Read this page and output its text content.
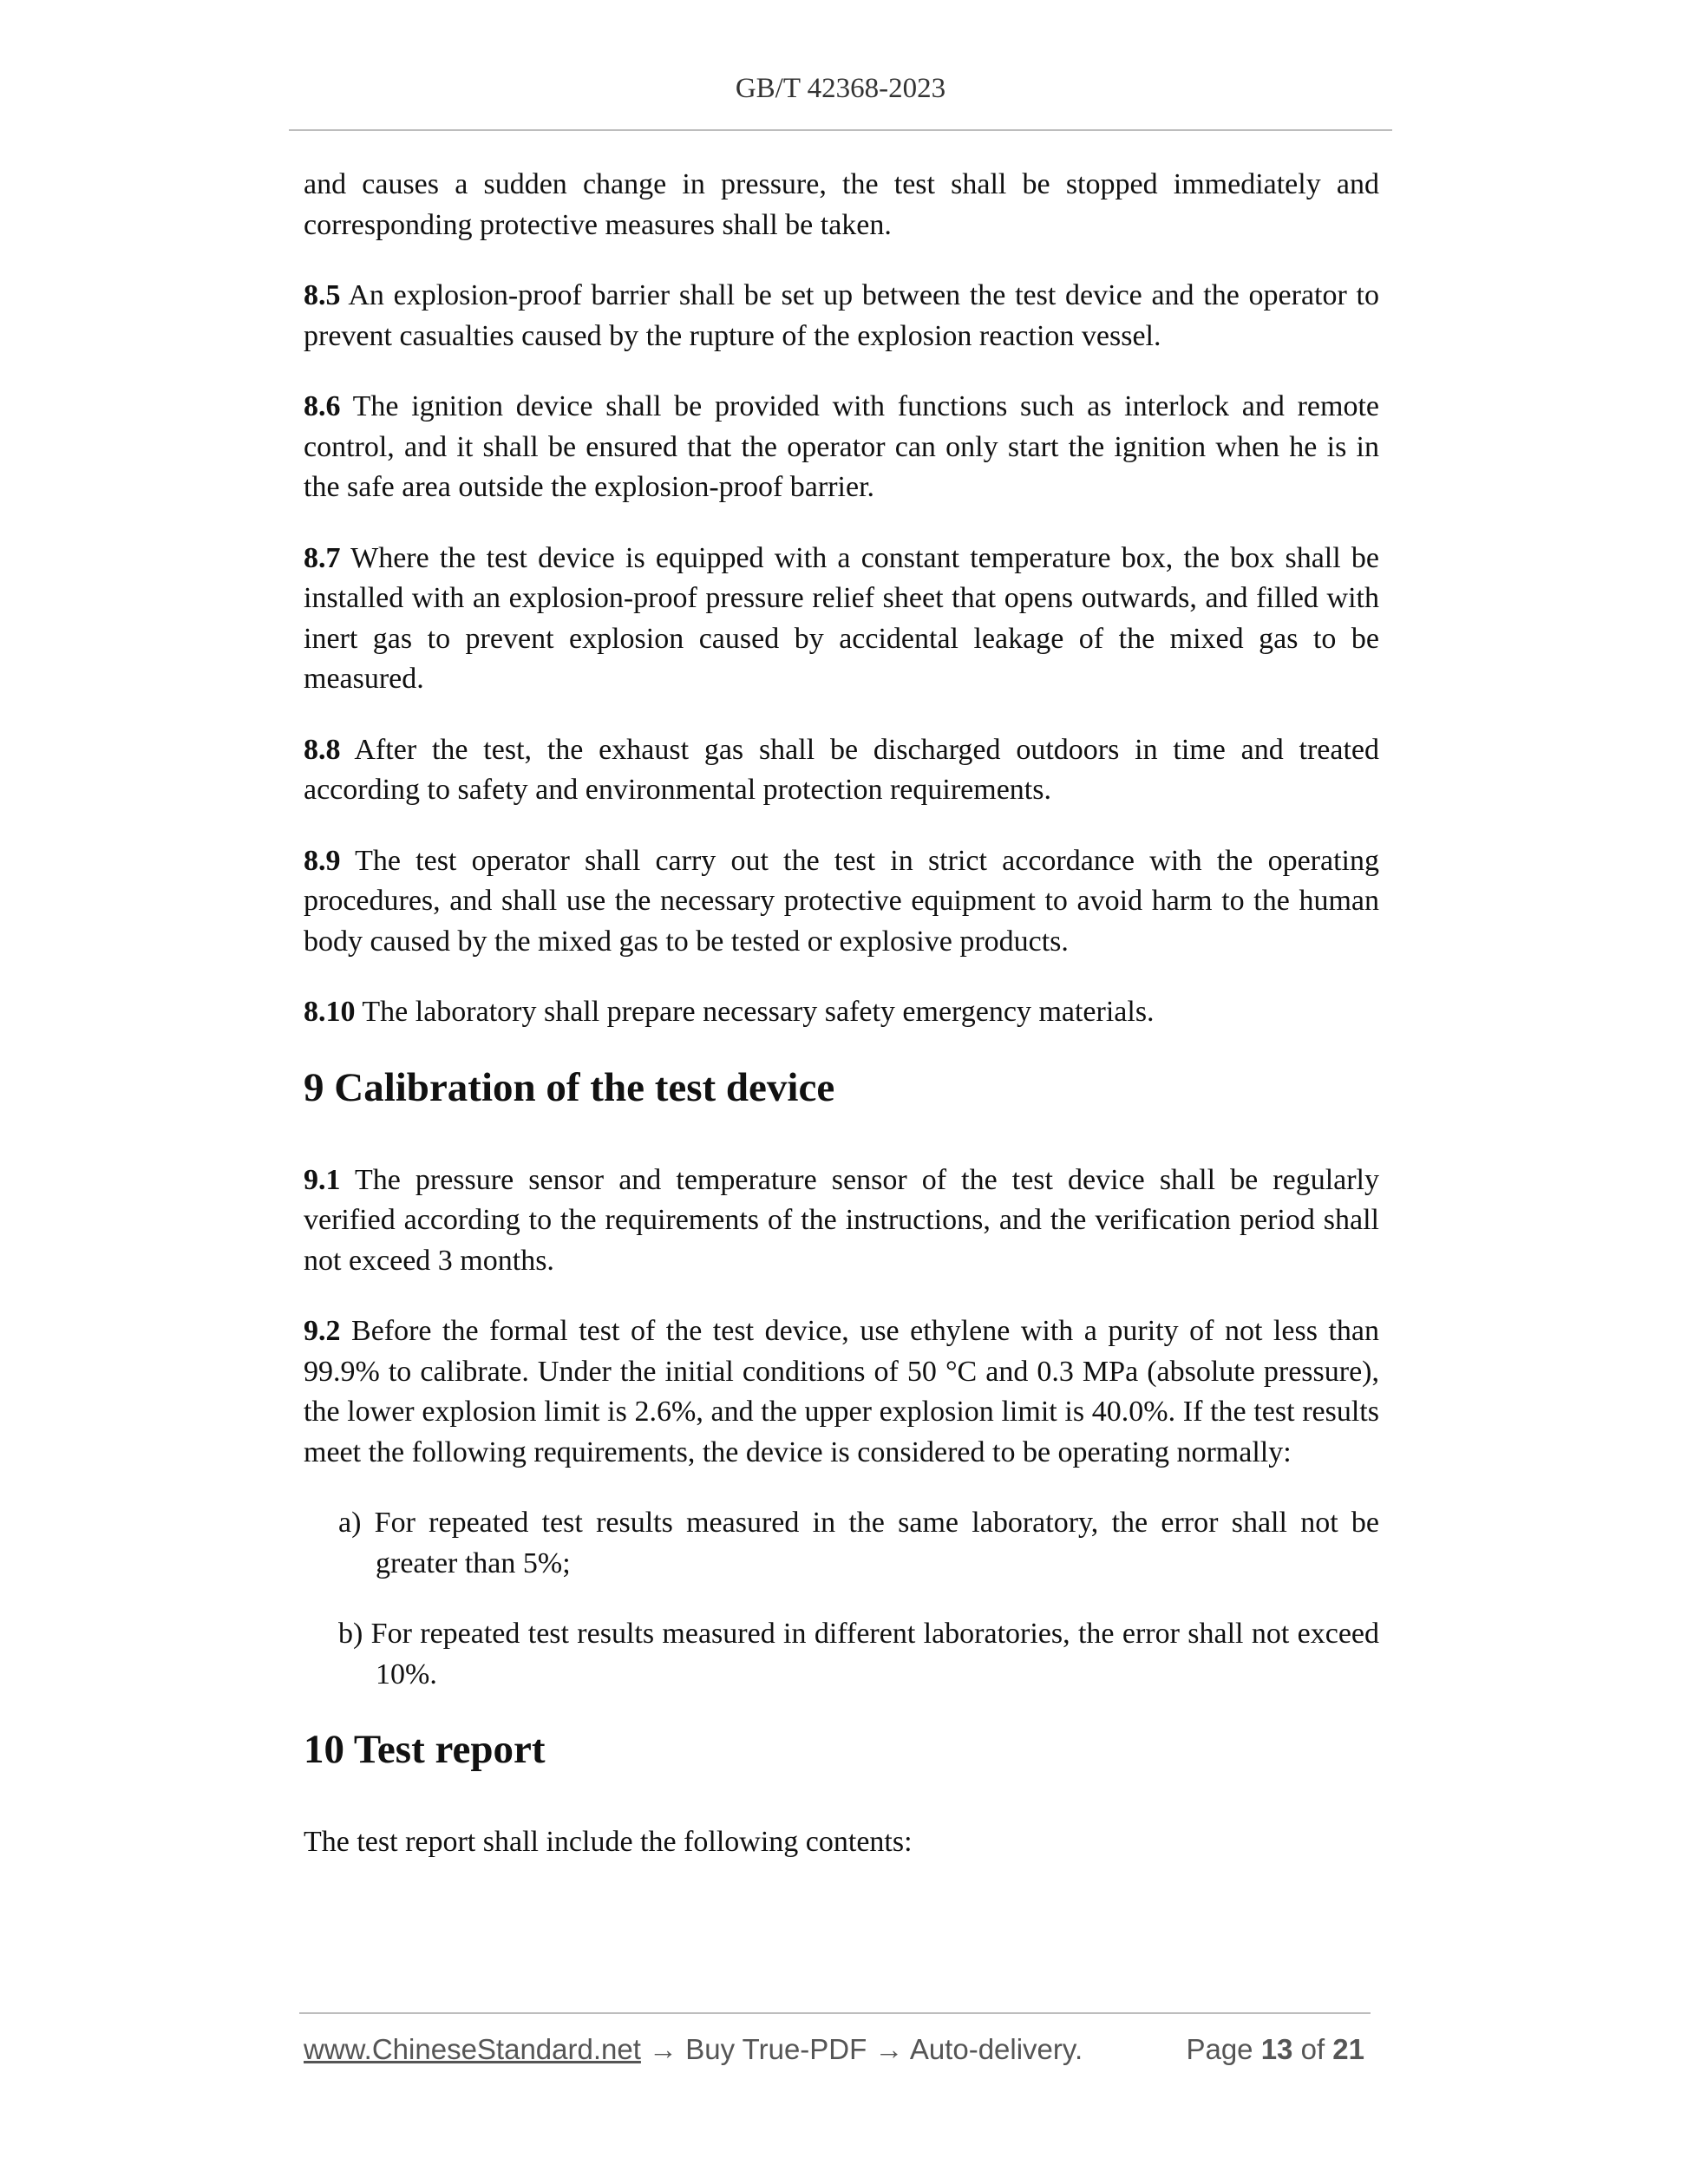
GB/T 42368-2023

and causes a sudden change in pressure, the test shall be stopped immediately and corresponding protective measures shall be taken.

8.5 An explosion-proof barrier shall be set up between the test device and the operator to prevent casualties caused by the rupture of the explosion reaction vessel.

8.6 The ignition device shall be provided with functions such as interlock and remote control, and it shall be ensured that the operator can only start the ignition when he is in the safe area outside the explosion-proof barrier.

8.7 Where the test device is equipped with a constant temperature box, the box shall be installed with an explosion-proof pressure relief sheet that opens outwards, and filled with inert gas to prevent explosion caused by accidental leakage of the mixed gas to be measured.

8.8 After the test, the exhaust gas shall be discharged outdoors in time and treated according to safety and environmental protection requirements.

8.9 The test operator shall carry out the test in strict accordance with the operating procedures, and shall use the necessary protective equipment to avoid harm to the human body caused by the mixed gas to be tested or explosive products.

8.10 The laboratory shall prepare necessary safety emergency materials.

9 Calibration of the test device

9.1 The pressure sensor and temperature sensor of the test device shall be regularly verified according to the requirements of the instructions, and the verification period shall not exceed 3 months.

9.2 Before the formal test of the test device, use ethylene with a purity of not less than 99.9% to calibrate. Under the initial conditions of 50 °C and 0.3 MPa (absolute pressure), the lower explosion limit is 2.6%, and the upper explosion limit is 40.0%. If the test results meet the following requirements, the device is considered to be operating normally:

a) For repeated test results measured in the same laboratory, the error shall not be greater than 5%;
b) For repeated test results measured in different laboratories, the error shall not exceed 10%.
10 Test report

The test report shall include the following contents:

www.ChineseStandard.net → Buy True-PDF → Auto-delivery.	Page 13 of 21
